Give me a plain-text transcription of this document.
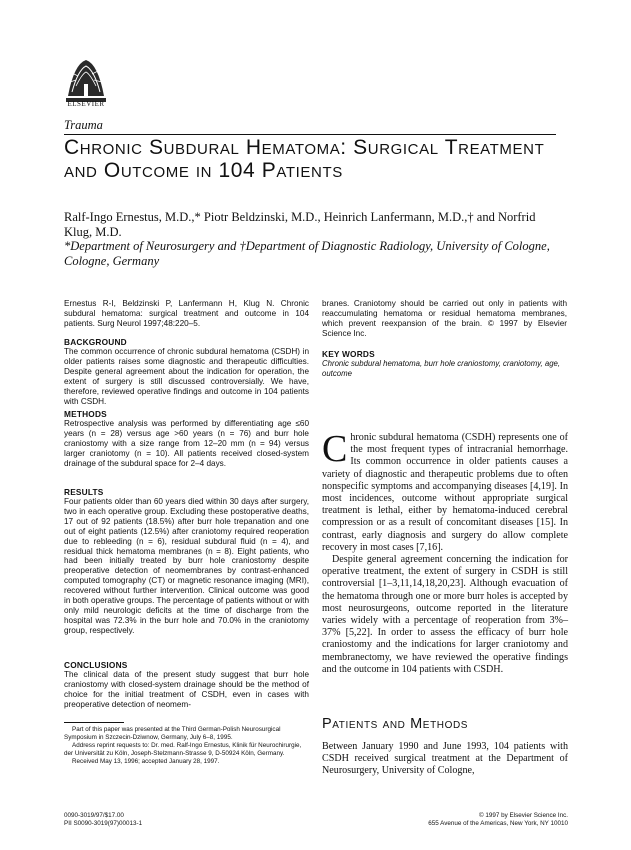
ELSEVIER
Trauma
Chronic Subdural Hematoma: Surgical Treatment and Outcome in 104 Patients
Ralf-Ingo Ernestus, M.D.,* Piotr Beldzinski, M.D., Heinrich Lanfermann, M.D.,† and Norfrid Klug, M.D.
*Department of Neurosurgery and †Department of Diagnostic Radiology, University of Cologne, Cologne, Germany
Ernestus R-I, Beldzinski P, Lanfermann H, Klug N. Chronic subdural hematoma: surgical treatment and outcome in 104 patients. Surg Neurol 1997;48:220–5.
BACKGROUND
The common occurrence of chronic subdural hematoma (CSDH) in older patients raises some diagnostic and therapeutic difficulties. Despite general agreement about the indication for operation, the extent of surgery is still discussed controversially. We have, therefore, reviewed operative findings and outcome in 104 patients with CSDH.
METHODS
Retrospective analysis was performed by differentiating age ≤60 years (n = 28) versus age >60 years (n = 76) and burr hole craniostomy with a size range from 12–20 mm (n = 94) versus larger craniotomy (n = 10). All patients received closed-system drainage of the subdural space for 2–4 days.
RESULTS
Four patients older than 60 years died within 30 days after surgery, two in each operative group. Excluding these postoperative deaths, 17 out of 92 patients (18.5%) after burr hole trepanation and one out of eight patients (12.5%) after craniotomy required reoperation due to rebleeding (n = 6), residual subdural fluid (n = 4), and residual thick hematoma membranes (n = 8). Eight patients, who had been initially treated by burr hole craniostomy despite preoperative detection of neomembranes by contrast-enhanced computed tomography (CT) or magnetic resonance imaging (MRI), recovered without further intervention. Clinical outcome was good in both operative groups. The percentage of patients without or with only mild neurologic deficits at the time of discharge from the hospital was 72.3% in the burr hole and 70.0% in the craniotomy group, respectively.
CONCLUSIONS
The clinical data of the present study suggest that burr hole craniostomy with closed-system drainage should be the method of choice for the initial treatment of CSDH, even in cases with preoperative detection of neomem-

Part of this paper was presented at the Third German-Polish Neurosurgical Symposium in Szczecin-Dziwnow, Germany, July 6–8, 1995.

Address reprint requests to: Dr. med. Ralf-Ingo Ernestus, Klinik für Neurochirurgie, der Universität zu Köln, Joseph-Stelzmann-Strasse 9, D-50924 Köln, Germany.

Received May 13, 1996; accepted January 28, 1997.

0090-3019/97/$17.00
PII S0090-3019(97)00013-1
branes. Craniotomy should be carried out only in patients with reaccumulating hematoma or residual hematoma membranes, which prevent reexpansion of the brain. © 1997 by Elsevier Science Inc.
KEY WORDS
Chronic subdural hematoma, burr hole craniostomy, craniotomy, age, outcome

Chronic subdural hematoma (CSDH) represents one of the most frequent types of intracranial hemorrhage. Its common occurrence in older patients causes a variety of diagnostic and therapeutic problems due to often nonspecific symptoms and accompanying diseases [4,19]. In most incidences, outcome without appropriate surgical treatment is lethal, either by hematoma-induced cerebral compression or as a result of concomitant diseases [15]. In contrast, early diagnosis and surgery do allow complete recovery in most cases [7,16].

Despite general agreement concerning the indication for operative treatment, the extent of surgery in CSDH is still controversial [1–3,11,14,18,20,23]. Although evacuation of the hematoma through one or more burr holes is accepted by most neurosurgeons, outcome reported in the literature varies widely with a percentage of reoperation from 3%–37% [5,22]. In order to assess the efficacy of burr hole craniostomy and the indications for larger craniotomy and membranectomy, we have reviewed the operative findings and the outcome in 104 patients with CSDH.

Patients and Methods
Between January 1990 and June 1993, 104 patients with CSDH received surgical treatment at the Department of Neurosurgery, University of Cologne,
© 1997 by Elsevier Science Inc.
655 Avenue of the Americas, New York, NY 10010
